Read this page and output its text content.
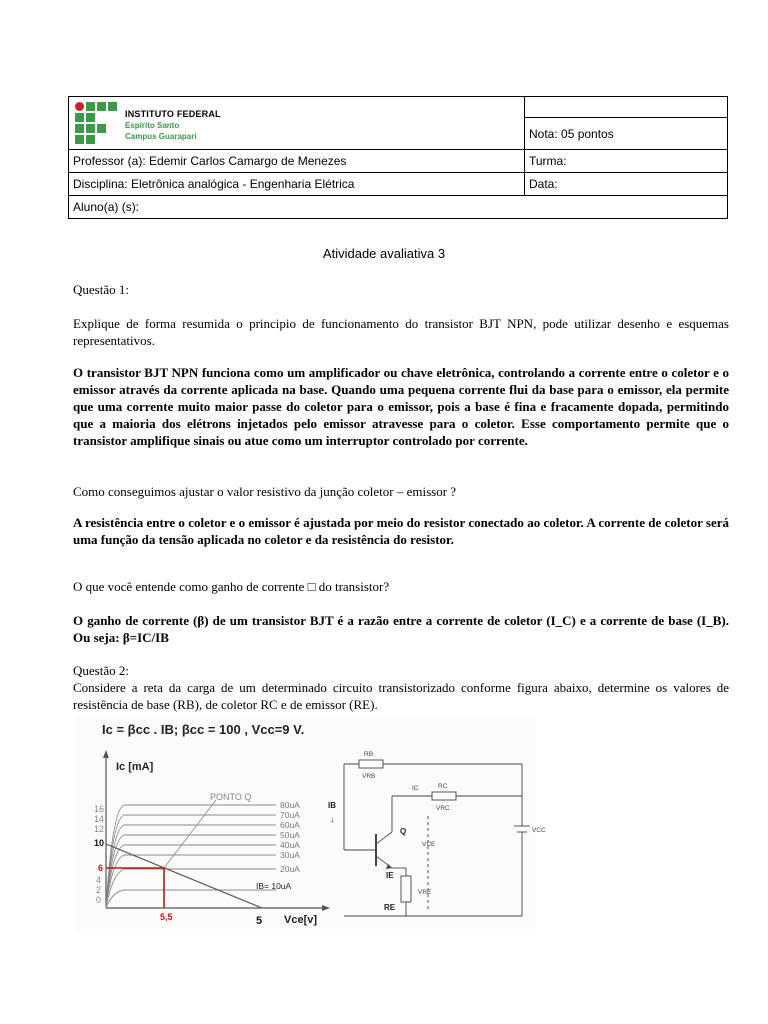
INSTITUTO FEDERAL
Espírito Santo
Campus Guarapari	Nota: 05 pontos
Professor (a): Edemir Carlos Camargo de Menezes	Turma:
Disciplina: Eletrônica analógica - Engenharia Elétrica	Data:
Aluno(a) (s):
Atividade avaliativa 3
Questão 1:
Explique de forma resumida o principio de funcionamento do transistor BJT NPN, pode utilizar desenho e esquemas representativos.
O transistor BJT NPN funciona como um amplificador ou chave eletrônica, controlando a corrente entre o coletor e o emissor através da corrente aplicada na base. Quando uma pequena corrente flui da base para o emissor, ela permite que uma corrente muito maior passe do coletor para o emissor, pois a base é fina e fracamente dopada, permitindo que a maioria dos elétrons injetados pelo emissor atravesse para o coletor. Esse comportamento permite que o transistor amplifique sinais ou atue como um interruptor controlado por corrente.
Como conseguimos ajustar o valor resistivo da junção coletor – emissor ?
A resistência entre o coletor e o emissor é ajustada por meio do resistor conectado ao coletor. A corrente de coletor será uma função da tensão aplicada no coletor e da resistência do resistor.
O que você entende como ganho de corrente □ do transistor?
O ganho de corrente (β) de um transistor BJT é a razão entre a corrente de coletor (I_C) e a corrente de base (I_B). Ou seja: β=IC/IB
Questão 2:
Considere a reta da carga de um determinado circuito transistorizado conforme figura abaixo, determine os valores de resistência de base (RB), de coletor RC e de emissor (RE).
Ic = βcc . IB; βcc = 100 , Vcc=9 V.
Ic [mA]
Vce[v]
16
14
12
4
2
0
10
6
80uA
70uA
60uA
50uA
40uA
30uA
20uA
IB= 10uA
PONTO Q
5,5	5
RB
VRB
IC	RC
VRC
VCE
VRE
VCC
IB
Q
IE
RE
↓
